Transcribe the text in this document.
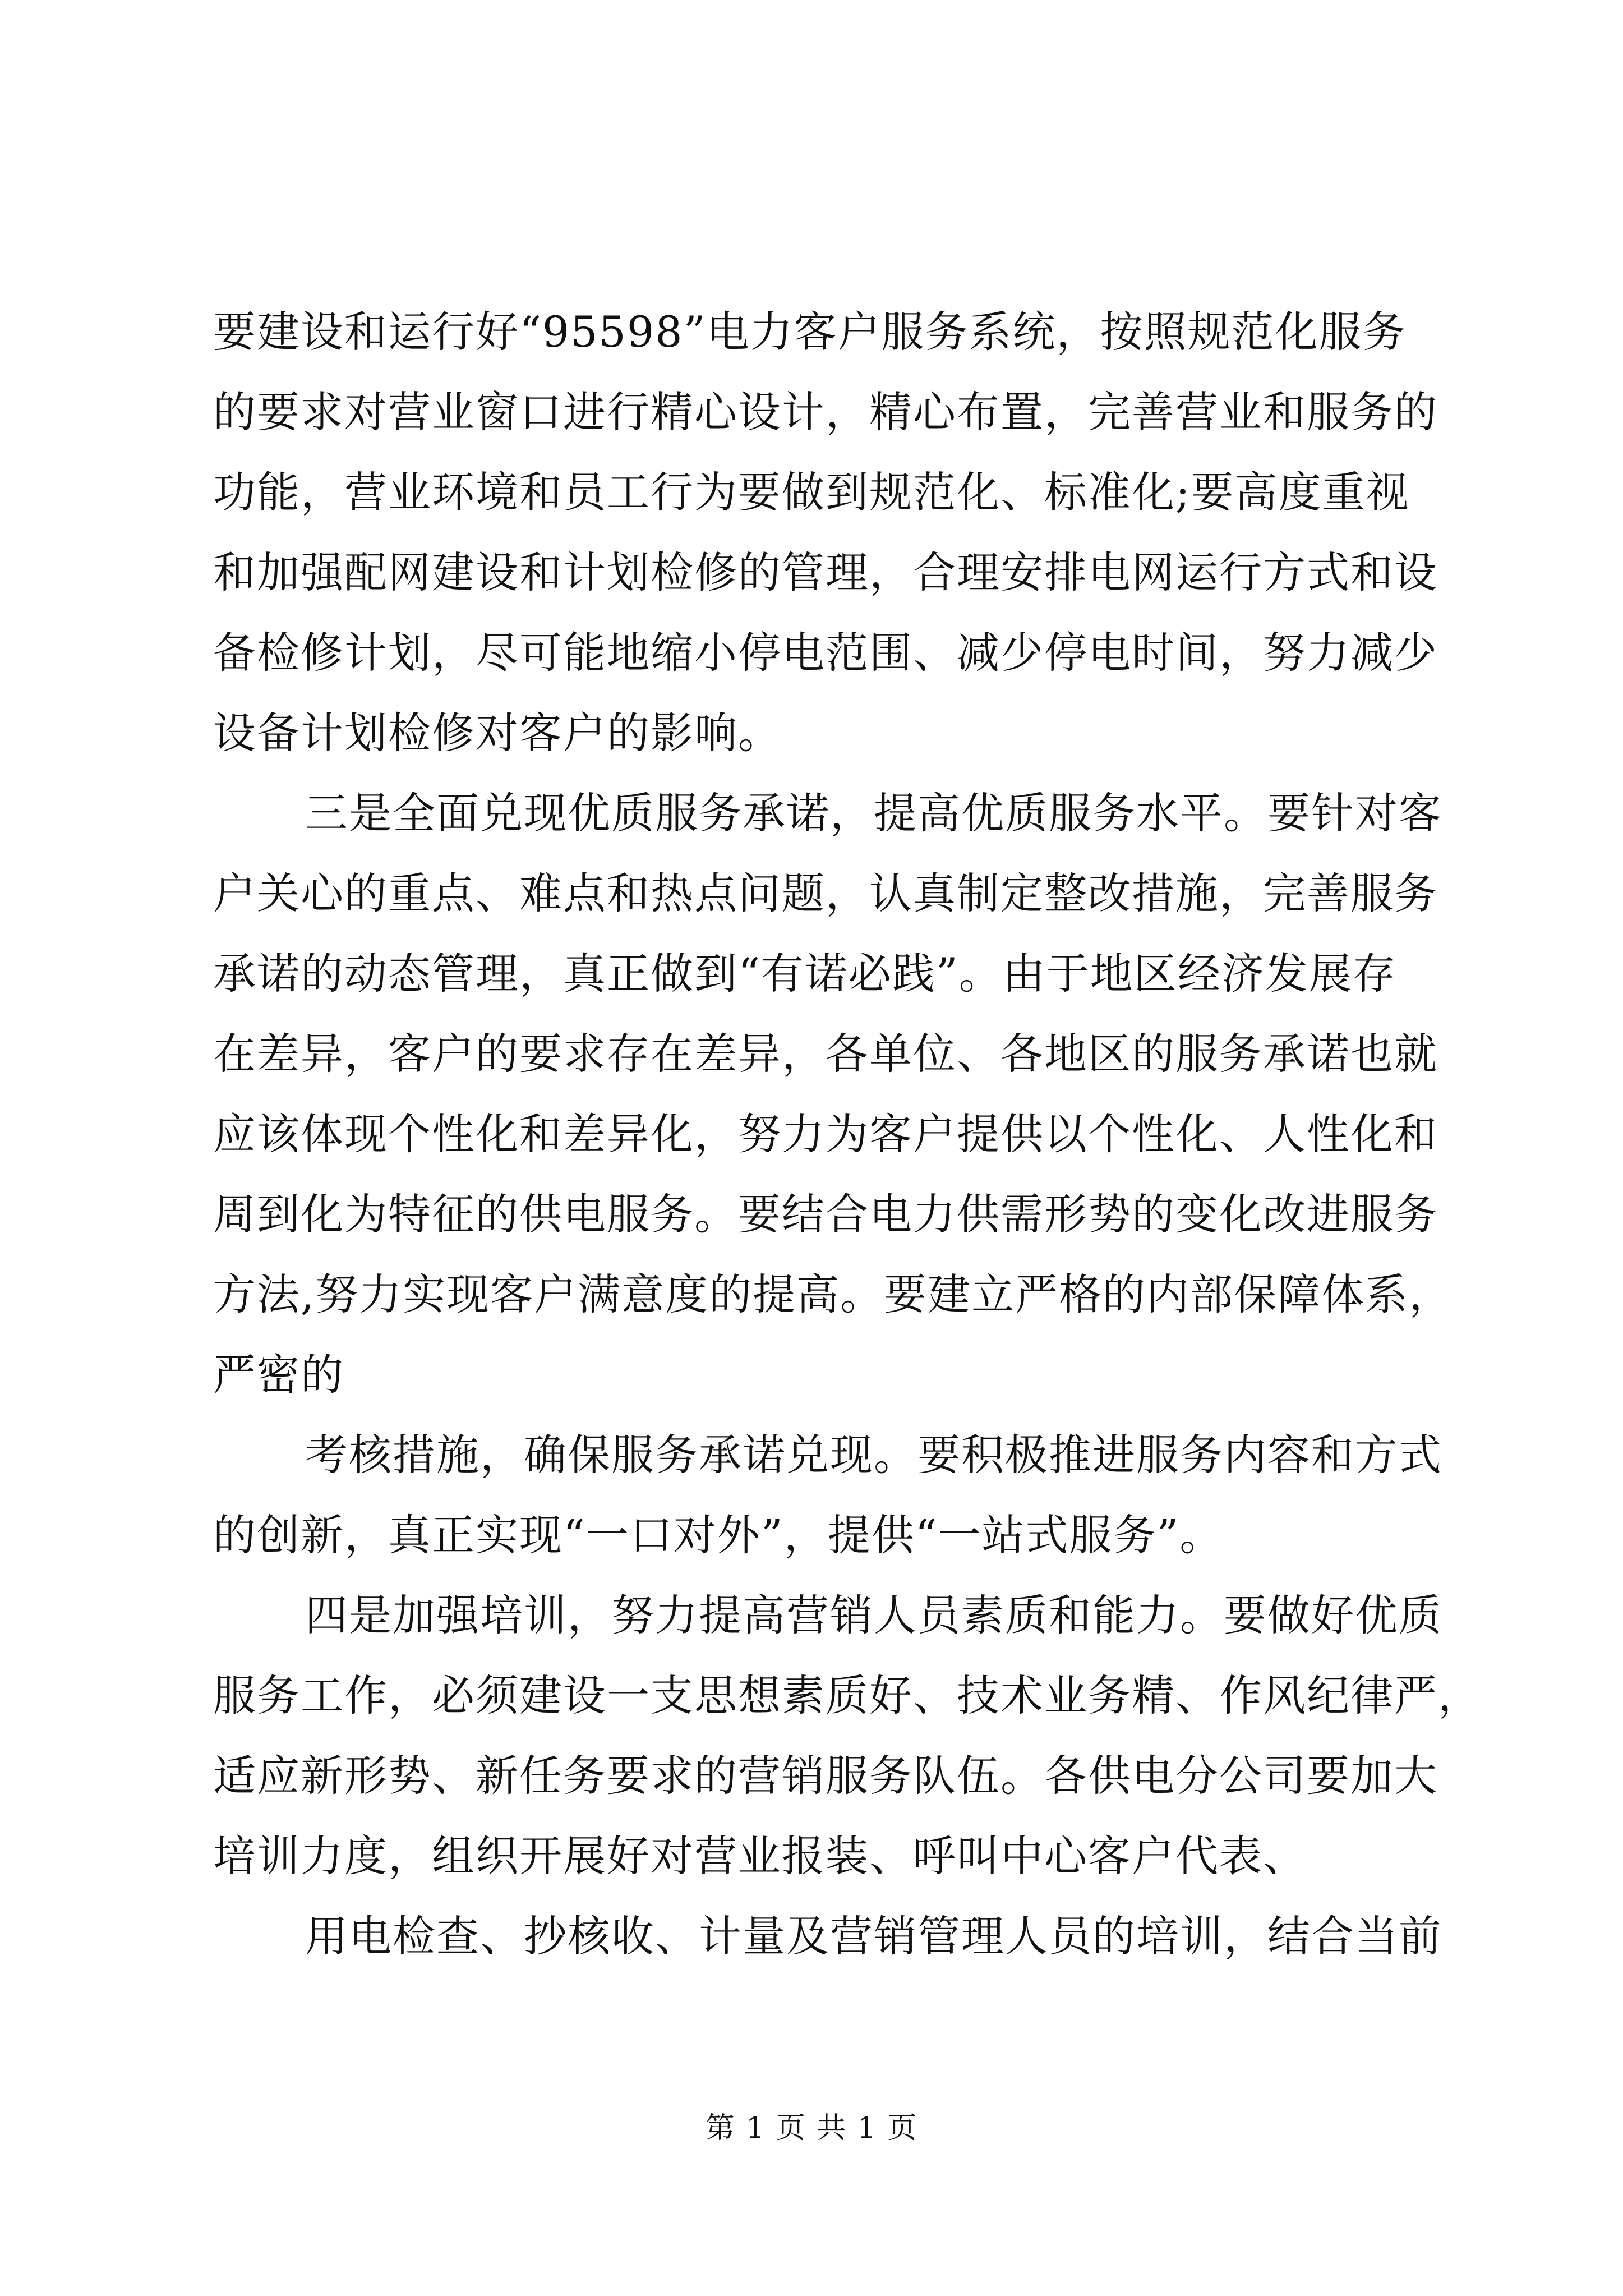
要建设和运行好“95598”电力客户服务系统，按照规范化服务
的要求对营业窗口进行精心设计，精心布置，完善营业和服务的
功能，营业环境和员工行为要做到规范化、标准化;要高度重视
和加强配网建设和计划检修的管理，合理安排电网运行方式和设
备检修计划，尽可能地缩小停电范围、减少停电时间，努力减少
设备计划检修对客户的影响。
三是全面兑现优质服务承诺，提高优质服务水平。要针对客
户关心的重点、难点和热点问题，认真制定整改措施，完善服务
承诺的动态管理，真正做到“有诺必践”。由于地区经济发展存
在差异，客户的要求存在差异，各单位、各地区的服务承诺也就
应该体现个性化和差异化，努力为客户提供以个性化、人性化和
周到化为特征的供电服务。要结合电力供需形势的变化改进服务
方法,努力实现客户满意度的提高。要建立严格的内部保障体系，
严密的
考核措施，确保服务承诺兑现。要积极推进服务内容和方式
的创新，真正实现“一口对外”，提供“一站式服务”。
四是加强培训，努力提高营销人员素质和能力。要做好优质
服务工作，必须建设一支思想素质好、技术业务精、作风纪律严，
适应新形势、新任务要求的营销服务队伍。各供电分公司要加大
培训力度，组织开展好对营业报装、呼叫中心客户代表、
用电检查、抄核收、计量及营销管理人员的培训，结合当前
第 1 页 共 1 页
